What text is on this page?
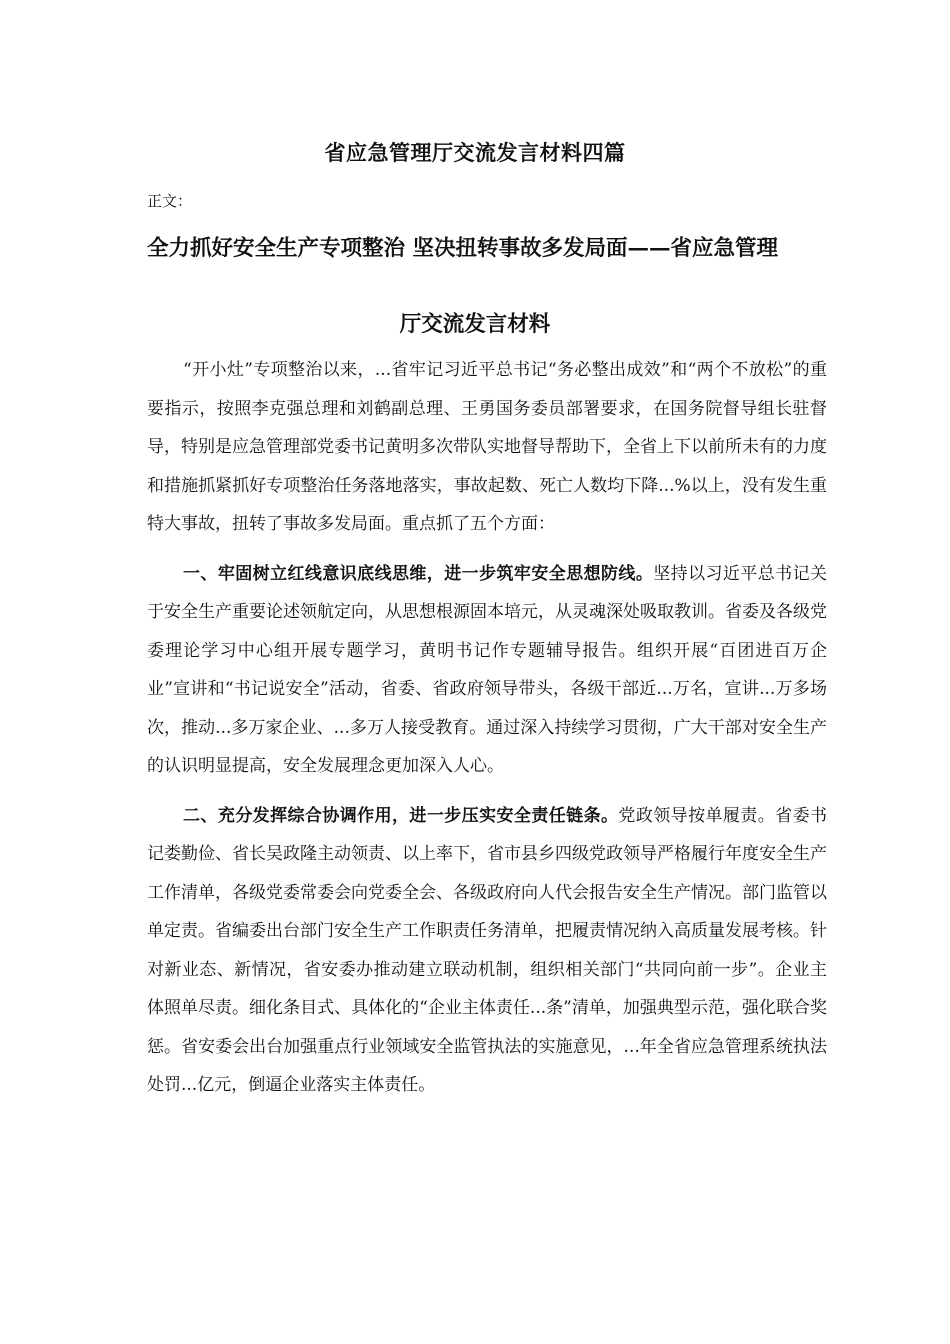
省应急管理厅交流发言材料四篇
正文：
全力抓好安全生产专项整治 坚决扭转事故多发局面——省应急管理
厅交流发言材料

“开小灶”专项整治以来，...省牢记习近平总书记“务必整出成效”和“两个不放松”的重要指示，按照李克强总理和刘鹤副总理、王勇国务委员部署要求，在国务院督导组长驻督导，特别是应急管理部党委书记黄明多次带队实地督导帮助下，全省上下以前所未有的力度和措施抓紧抓好专项整治任务落地落实，事故起数、死亡人数均下降...%以上，没有发生重特大事故，扭转了事故多发局面。重点抓了五个方面：

一、牢固树立红线意识底线思维，进一步筑牢安全思想防线。坚持以习近平总书记关于安全生产重要论述领航定向，从思想根源固本培元，从灵魂深处吸取教训。省委及各级党委理论学习中心组开展专题学习，黄明书记作专题辅导报告。组织开展“百团进百万企业”宣讲和“书记说安全”活动，省委、省政府领导带头，各级干部近...万名，宣讲...万多场次，推动...多万家企业、...多万人接受教育。通过深入持续学习贯彻，广大干部对安全生产的认识明显提高，安全发展理念更加深入人心。

二、充分发挥综合协调作用，进一步压实安全责任链条。党政领导按单履责。省委书记娄勤俭、省长吴政隆主动领责、以上率下，省市县乡四级党政领导严格履行年度安全生产工作清单，各级党委常委会向党委全会、各级政府向人代会报告安全生产情况。部门监管以单定责。省编委出台部门安全生产工作职责任务清单，把履责情况纳入高质量发展考核。针对新业态、新情况，省安委办推动建立联动机制，组织相关部门“共同向前一步”。企业主体照单尽责。细化条目式、具体化的“企业主体责任...条”清单，加强典型示范，强化联合奖惩。省安委会出台加强重点行业领域安全监管执法的实施意见，...年全省应急管理系统执法处罚...亿元，倒逼企业落实主体责任。
